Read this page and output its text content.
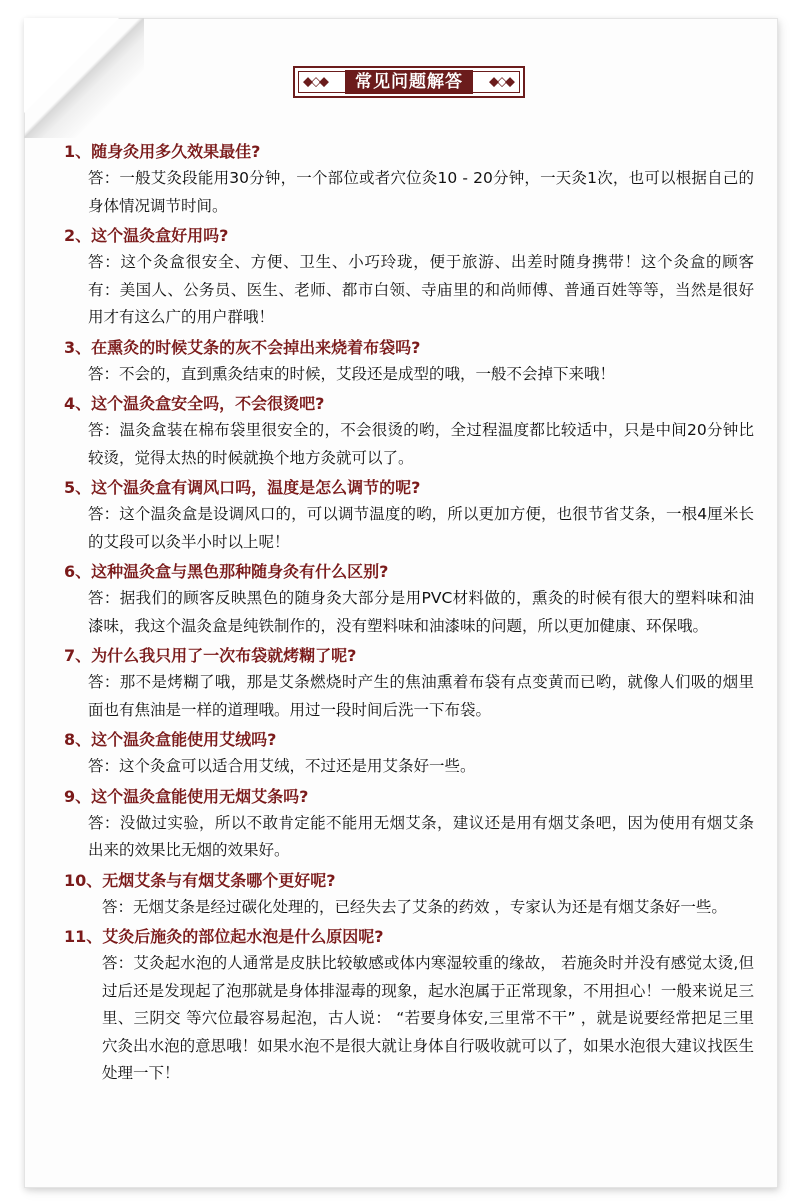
◆◇◆	常见问题解答	◆◇◆

1、随身灸用多久效果最佳?

答：一般艾灸段能用30分钟，一个部位或者穴位灸10 - 20分钟，一天灸1次，也可以根据自己的身体情况调节时间。

2、这个温灸盒好用吗?

答：这个灸盒很安全、方便、卫生、小巧玲珑，便于旅游、出差时随身携带！这个灸盒的顾客有：美国人、公务员、医生、老师、都市白领、寺庙里的和尚师傅、普通百姓等等，当然是很好用才有这么广的用户群哦！

3、在熏灸的时候艾条的灰不会掉出来烧着布袋吗?

答：不会的，直到熏灸结束的时候，艾段还是成型的哦，一般不会掉下来哦！

4、这个温灸盒安全吗，不会很烫吧?

答：温灸盒装在棉布袋里很安全的，不会很烫的哟，全过程温度都比较适中，只是中间20分钟比较烫，觉得太热的时候就换个地方灸就可以了。

5、这个温灸盒有调风口吗，温度是怎么调节的呢?

答：这个温灸盒是设调风口的，可以调节温度的哟，所以更加方便，也很节省艾条，一根4厘米长的艾段可以灸半小时以上呢！

6、这种温灸盒与黑色那种随身灸有什么区别?

答：据我们的顾客反映黑色的随身灸大部分是用PVC材料做的，熏灸的时候有很大的塑料味和油漆味，我这个温灸盒是纯铁制作的，没有塑料味和油漆味的问题，所以更加健康、环保哦。

7、为什么我只用了一次布袋就烤糊了呢?

答：那不是烤糊了哦，那是艾条燃烧时产生的焦油熏着布袋有点变黄而已哟，就像人们吸的烟里面也有焦油是一样的道理哦。用过一段时间后洗一下布袋。

8、这个温灸盒能使用艾绒吗?

答：这个灸盒可以适合用艾绒，不过还是用艾条好一些。

9、这个温灸盒能使用无烟艾条吗?

答：没做过实验，所以不敢肯定能不能用无烟艾条，建议还是用有烟艾条吧，因为使用有烟艾条出来的效果比无烟的效果好。

10、无烟艾条与有烟艾条哪个更好呢?

答：无烟艾条是经过碳化处理的，已经失去了艾条的药效 ，专家认为还是有烟艾条好一些。

11、艾灸后施灸的部位起水泡是什么原因呢?

答：艾灸起水泡的人通常是皮肤比较敏感或体内寒湿较重的缘故， 若施灸时并没有感觉太烫,但过后还是发现起了泡那就是身体排湿毒的现象，起水泡属于正常现象，不用担心！一般来说足三里、三阴交 等穴位最容易起泡，古人说： “若要身体安,三里常不干” ，就是说要经常把足三里穴灸出水泡的意思哦！如果水泡不是很大就让身体自行吸收就可以了，如果水泡很大建议找医生处理一下！
